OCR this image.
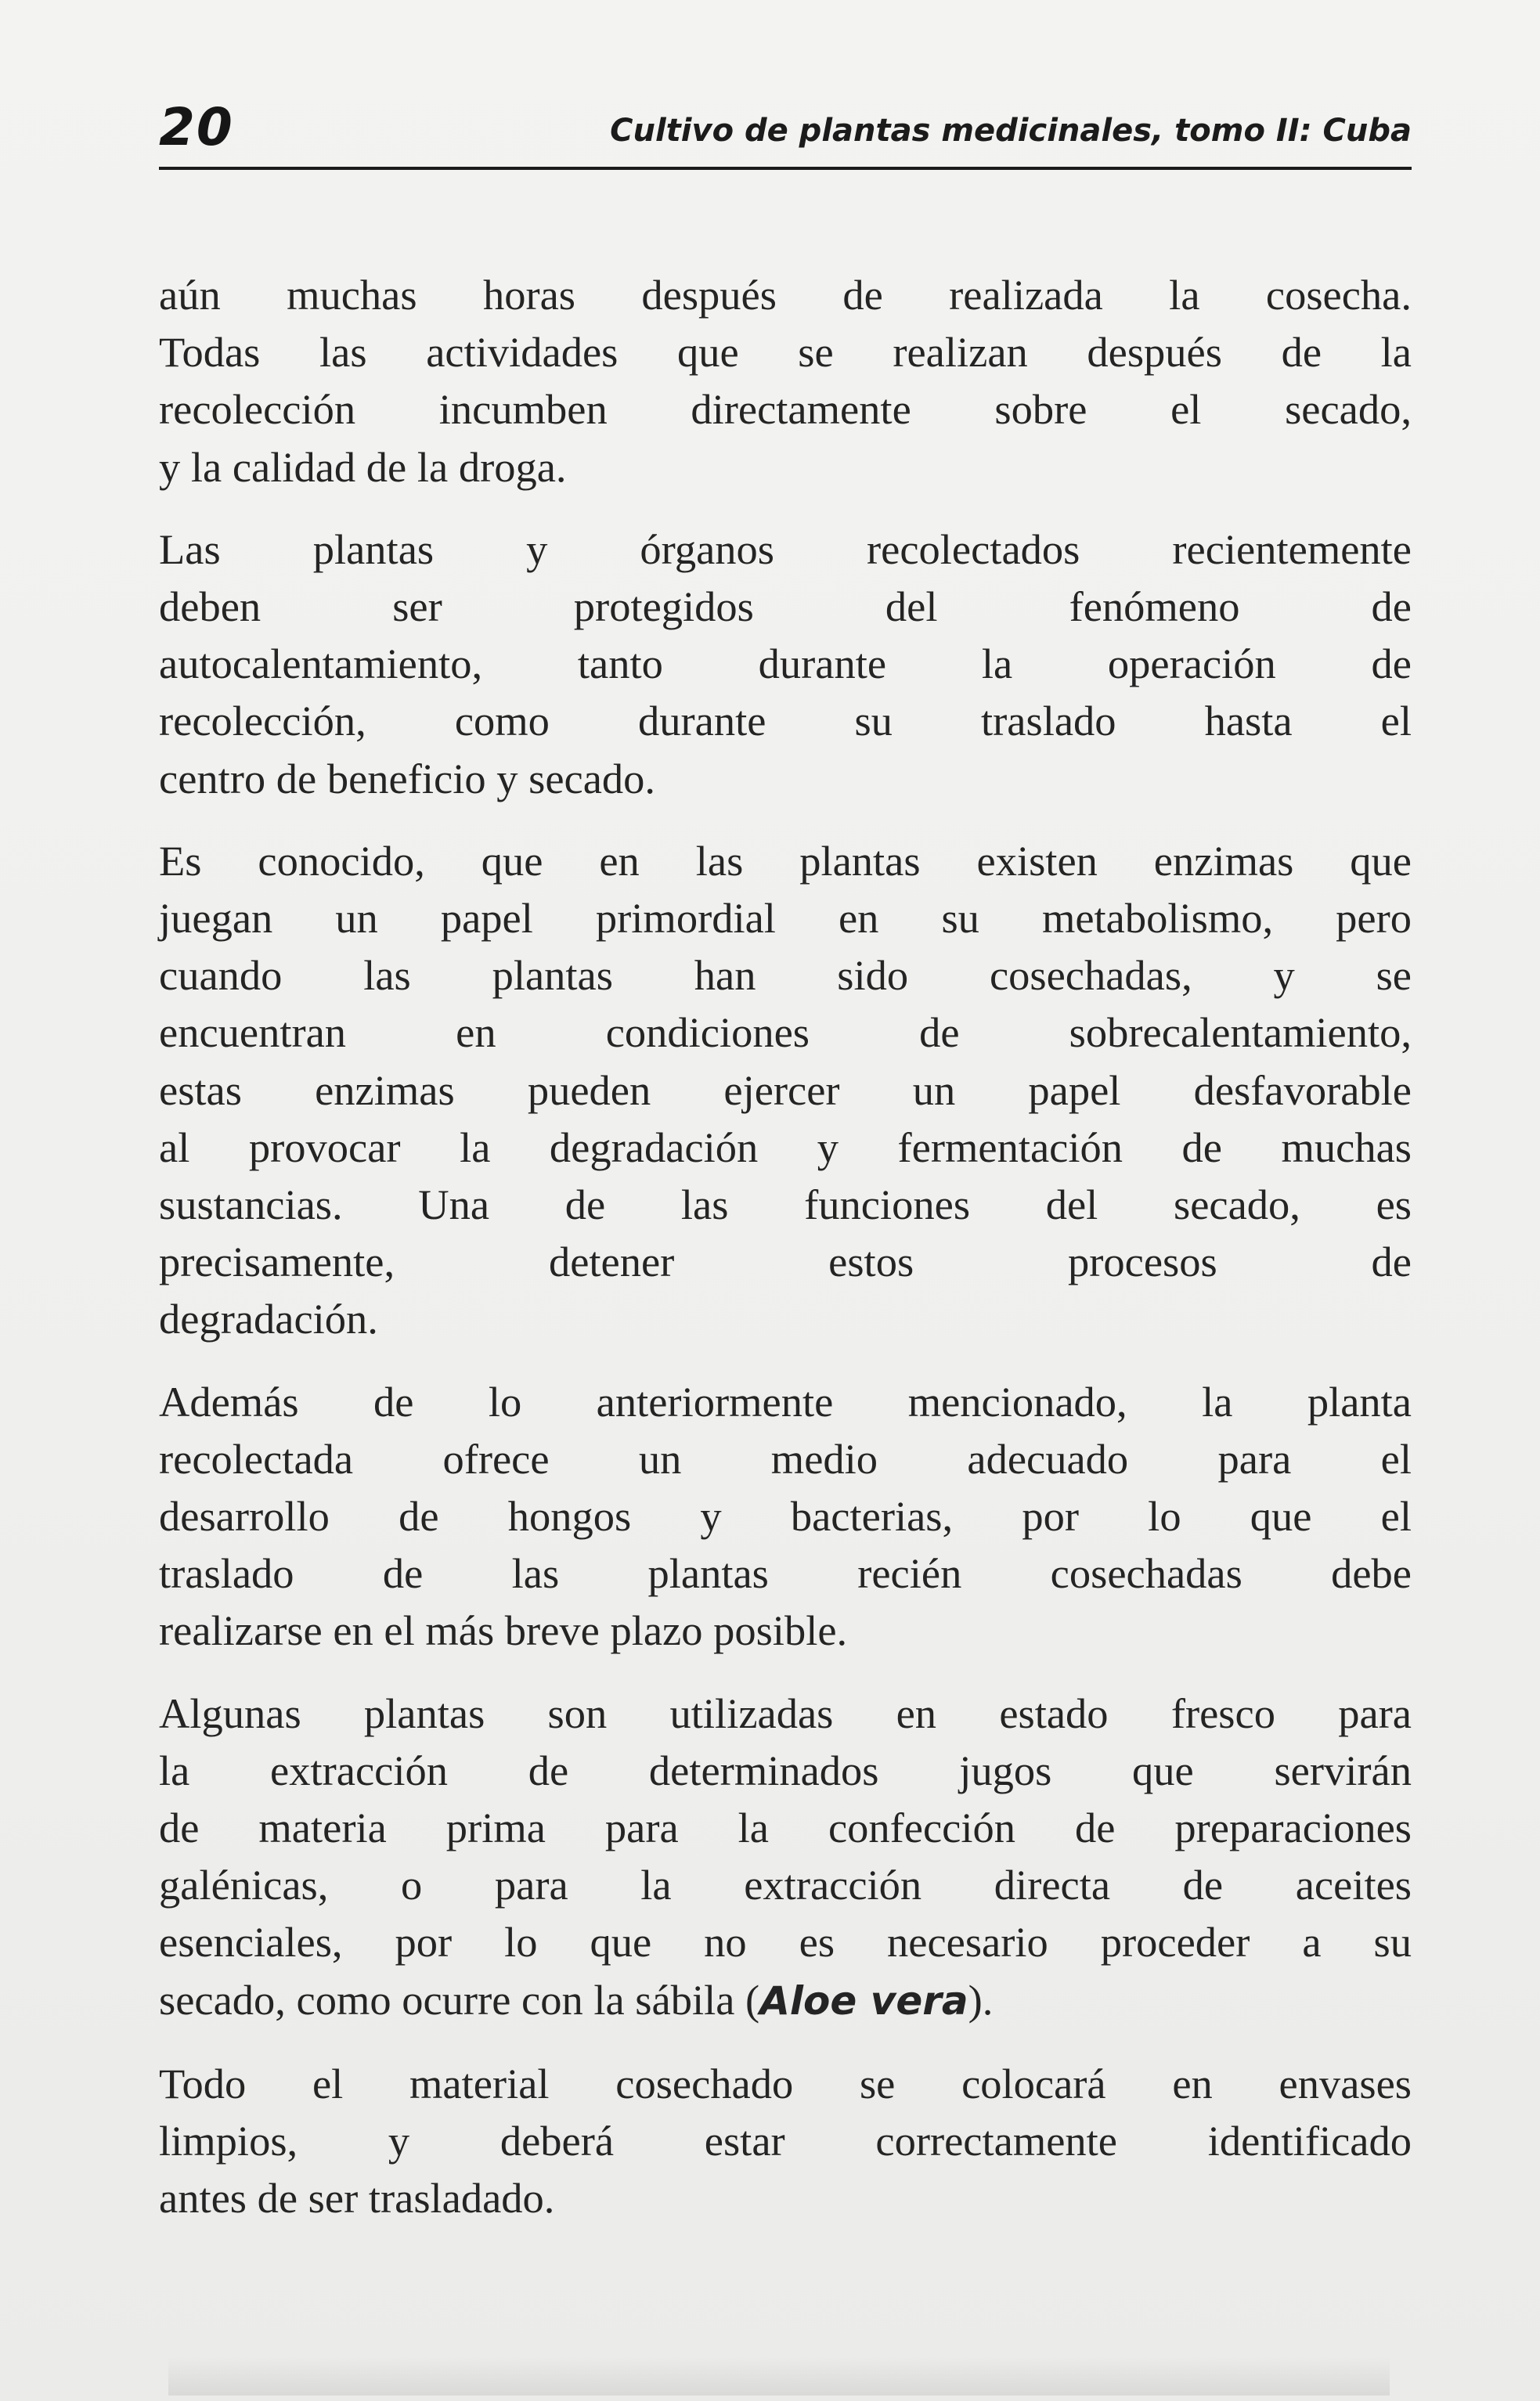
20	Cultivo de plantas medicinales, tomo II: Cuba

aún muchas horas después de realizada la cosecha.
Todas las actividades que se realizan después de la
recolección incumben directamente sobre el secado,
y la calidad de la droga.

Las plantas y órganos recolectados recientemente
deben ser protegidos del fenómeno de
autocalentamiento, tanto durante la operación de
recolección, como durante su traslado hasta el
centro de beneficio y secado.

Es conocido, que en las plantas existen enzimas que
juegan un papel primordial en su metabolismo, pero
cuando las plantas han sido cosechadas, y se
encuentran en condiciones de sobrecalentamiento,
estas enzimas pueden ejercer un papel desfavorable
al provocar la degradación y fermentación de muchas
sustancias. Una de las funciones del secado, es
precisamente, detener estos procesos de
degradación.

Además de lo anteriormente mencionado, la planta
recolectada ofrece un medio adecuado para el
desarrollo de hongos y bacterias, por lo que el
traslado de las plantas recién cosechadas debe
realizarse en el más breve plazo posible.

Algunas plantas son utilizadas en estado fresco para
la extracción de determinados jugos que servirán
de materia prima para la confección de preparaciones
galénicas, o para la extracción directa de aceites
esenciales, por lo que no es necesario proceder a su
secado, como ocurre con la sábila (Aloe vera).

Todo el material cosechado se colocará en envases
limpios, y deberá estar correctamente identificado
antes de ser trasladado.
